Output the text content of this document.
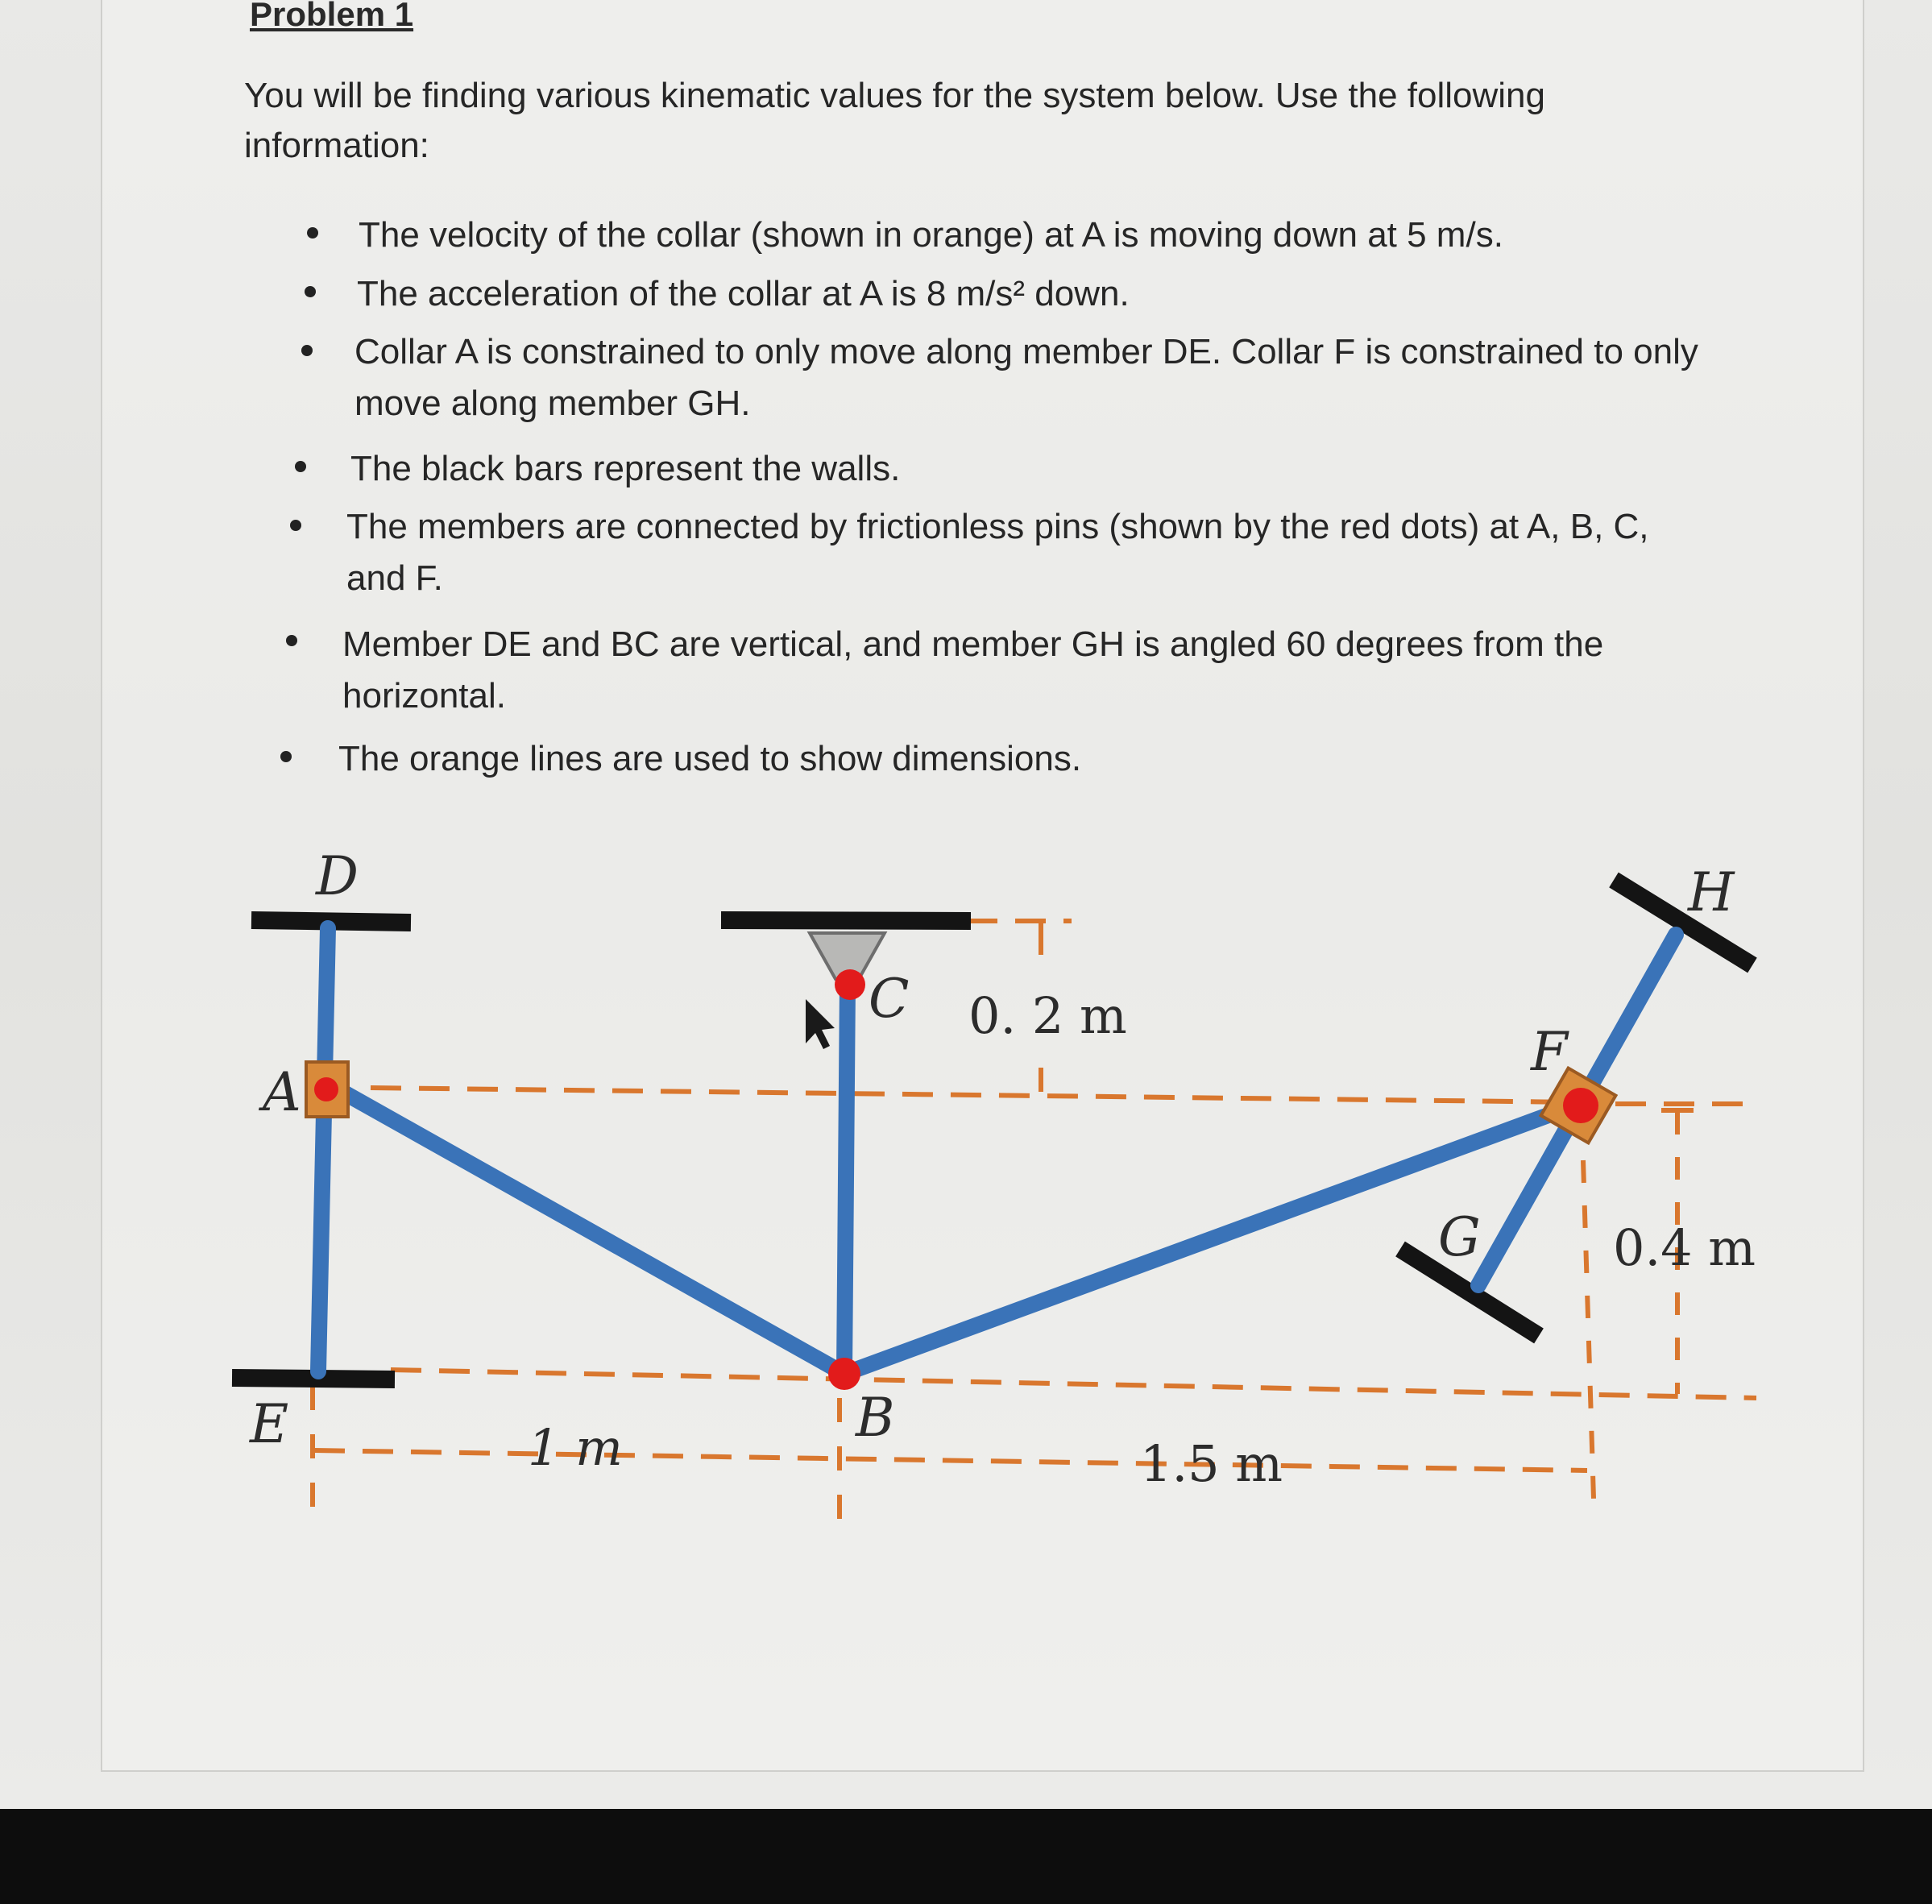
Problem 1
You will be finding various kinematic values for the system below. Use the following information:
The velocity of the collar (shown in orange) at A is moving down at 5 m/s.
The acceleration of the collar at A is 8 m/s² down.
Collar A is constrained to only move along member DE. Collar F is constrained to only move along member GH.
The black bars represent the walls.
The members are connected by frictionless pins (shown by the red dots) at A, B, C, and F.
Member DE and BC are vertical, and member GH is angled 60 degrees from the horizontal.
The orange lines are used to show dimensions.
D
A
E
C
B
F
G
H
0. 2 m
1 m	1.5 m
0.4 m
